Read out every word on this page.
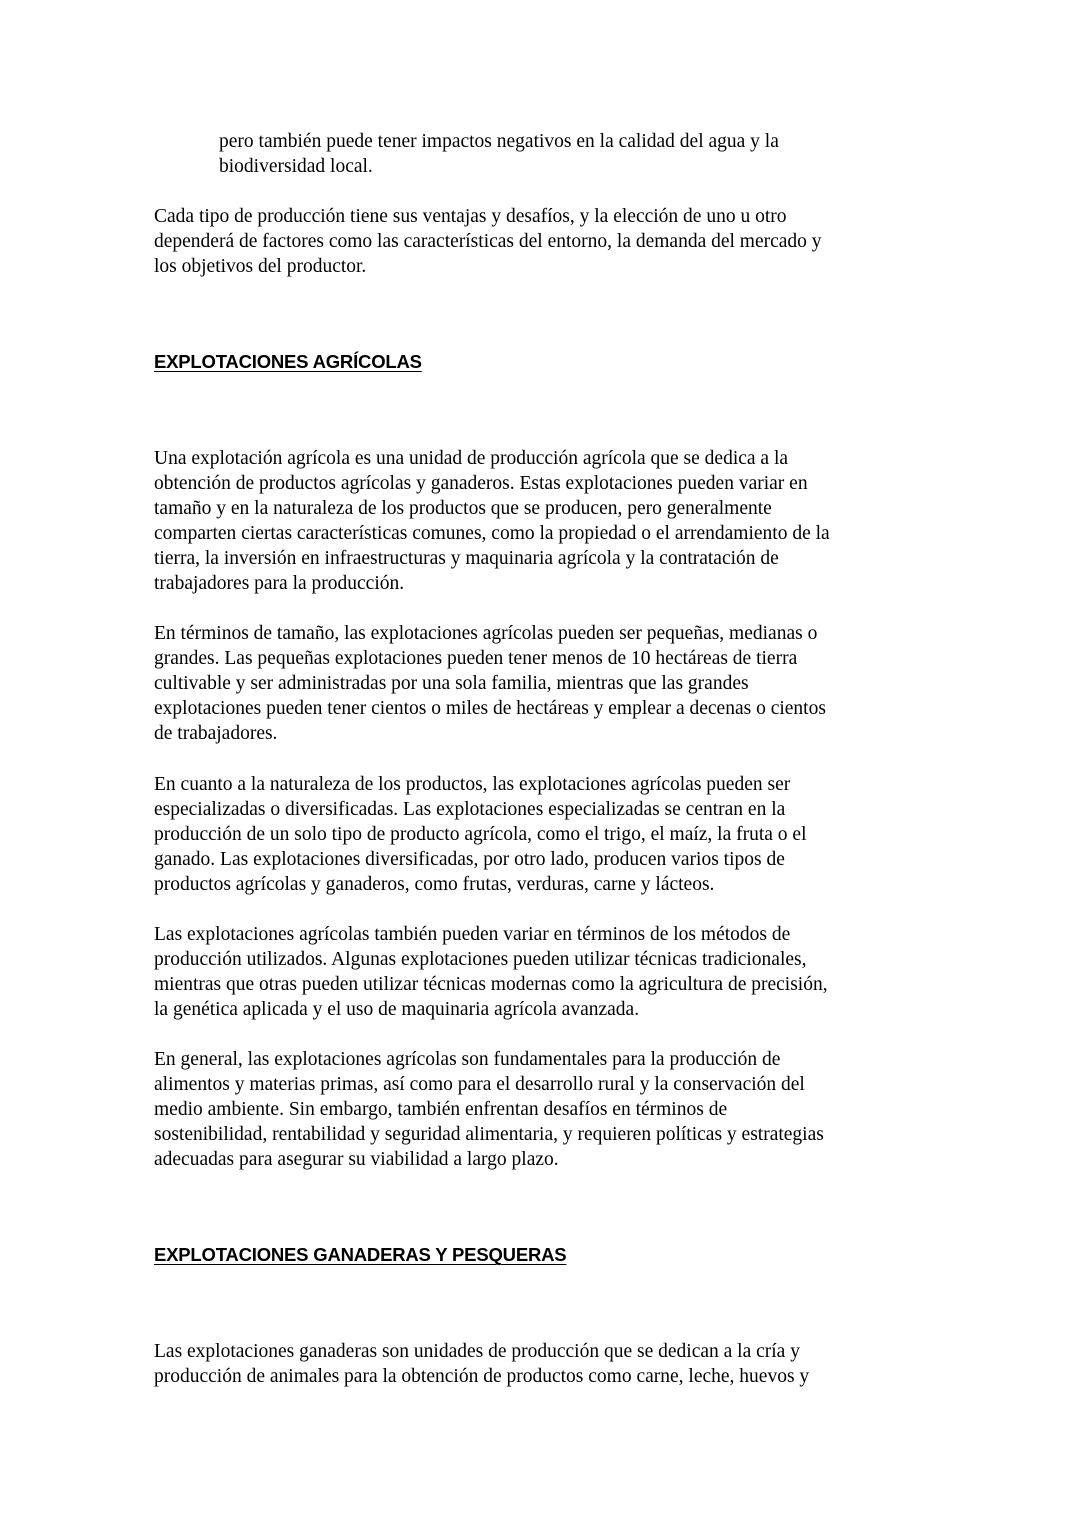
pero también puede tener impactos negativos en la calidad del agua y la
biodiversidad local.

Cada tipo de producción tiene sus ventajas y desafíos, y la elección de uno u otro
dependerá de factores como las características del entorno, la demanda del mercado y
los objetivos del productor.

EXPLOTACIONES AGRÍCOLAS

Una explotación agrícola es una unidad de producción agrícola que se dedica a la
obtención de productos agrícolas y ganaderos. Estas explotaciones pueden variar en
tamaño y en la naturaleza de los productos que se producen, pero generalmente
comparten ciertas características comunes, como la propiedad o el arrendamiento de la
tierra, la inversión en infraestructuras y maquinaria agrícola y la contratación de
trabajadores para la producción.

En términos de tamaño, las explotaciones agrícolas pueden ser pequeñas, medianas o
grandes. Las pequeñas explotaciones pueden tener menos de 10 hectáreas de tierra
cultivable y ser administradas por una sola familia, mientras que las grandes
explotaciones pueden tener cientos o miles de hectáreas y emplear a decenas o cientos
de trabajadores.

En cuanto a la naturaleza de los productos, las explotaciones agrícolas pueden ser
especializadas o diversificadas. Las explotaciones especializadas se centran en la
producción de un solo tipo de producto agrícola, como el trigo, el maíz, la fruta o el
ganado. Las explotaciones diversificadas, por otro lado, producen varios tipos de
productos agrícolas y ganaderos, como frutas, verduras, carne y lácteos.

Las explotaciones agrícolas también pueden variar en términos de los métodos de
producción utilizados. Algunas explotaciones pueden utilizar técnicas tradicionales,
mientras que otras pueden utilizar técnicas modernas como la agricultura de precisión,
la genética aplicada y el uso de maquinaria agrícola avanzada.

En general, las explotaciones agrícolas son fundamentales para la producción de
alimentos y materias primas, así como para el desarrollo rural y la conservación del
medio ambiente. Sin embargo, también enfrentan desafíos en términos de
sostenibilidad, rentabilidad y seguridad alimentaria, y requieren políticas y estrategias
adecuadas para asegurar su viabilidad a largo plazo.

EXPLOTACIONES GANADERAS Y PESQUERAS

Las explotaciones ganaderas son unidades de producción que se dedican a la cría y
producción de animales para la obtención de productos como carne, leche, huevos y
